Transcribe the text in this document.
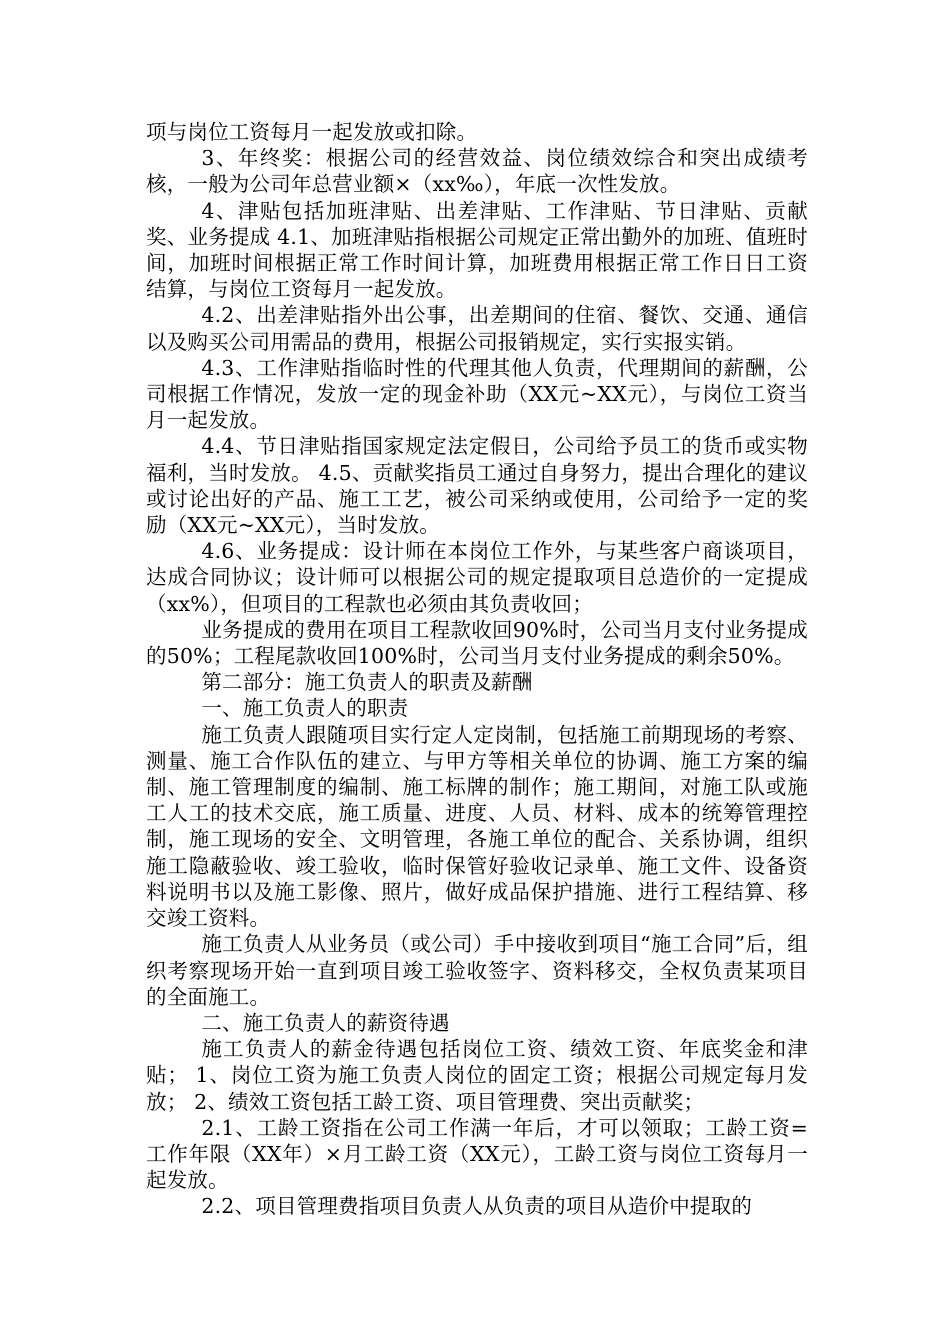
项与岗位工资每月一起发放或扣除。

3、年终奖：根据公司的经营效益、岗位绩效综合和突出成绩考核，一般为公司年总营业额×（xx‰），年底一次性发放。

4、津贴包括加班津贴、出差津贴、工作津贴、节日津贴、贡献奖、业务提成 4.1、加班津贴指根据公司规定正常出勤外的加班、值班时间，加班时间根据正常工作时间计算，加班费用根据正常工作日日工资结算，与岗位工资每月一起发放。

4.2、出差津贴指外出公事，出差期间的住宿、餐饮、交通、通信以及购买公司用需品的费用，根据公司报销规定，实行实报实销。

4.3、工作津贴指临时性的代理其他人负责，代理期间的薪酬，公司根据工作情况，发放一定的现金补助（XX元~XX元），与岗位工资当月一起发放。

4.4、节日津贴指国家规定法定假日，公司给予员工的货币或实物福利，当时发放。 4.5、贡献奖指员工通过自身努力，提出合理化的建议或讨论出好的产品、施工工艺，被公司采纳或使用，公司给予一定的奖励（XX元~XX元），当时发放。

4.6、业务提成：设计师在本岗位工作外，与某些客户商谈项目，达成合同协议；设计师可以根据公司的规定提取项目总造价的一定提成（xx%），但项目的工程款也必须由其负责收回；

业务提成的费用在项目工程款收回90%时，公司当月支付业务提成的50%；工程尾款收回100%时，公司当月支付业务提成的剩余50%。

第二部分：施工负责人的职责及薪酬

一、施工负责人的职责

施工负责人跟随项目实行定人定岗制，包括施工前期现场的考察、测量、施工合作队伍的建立、与甲方等相关单位的协调、施工方案的编制、施工管理制度的编制、施工标牌的制作；施工期间，对施工队或施工人工的技术交底，施工质量、进度、人员、材料、成本的统筹管理控制，施工现场的安全、文明管理，各施工单位的配合、关系协调，组织施工隐蔽验收、竣工验收，临时保管好验收记录单、施工文件、设备资料说明书以及施工影像、照片，做好成品保护措施、进行工程结算、移交竣工资料。

施工负责人从业务员（或公司）手中接收到项目“施工合同”后，组织考察现场开始一直到项目竣工验收签字、资料移交，全权负责某项目的全面施工。

二、施工负责人的薪资待遇

施工负责人的薪金待遇包括岗位工资、绩效工资、年底奖金和津贴； 1、岗位工资为施工负责人岗位的固定工资；根据公司规定每月发放； 2、绩效工资包括工龄工资、项目管理费、突出贡献奖；

2.1、工龄工资指在公司工作满一年后，才可以领取；工龄工资=工作年限（XX年）×月工龄工资（XX元），工龄工资与岗位工资每月一起发放。

2.2、项目管理费指项目负责人从负责的项目从造价中提取的
